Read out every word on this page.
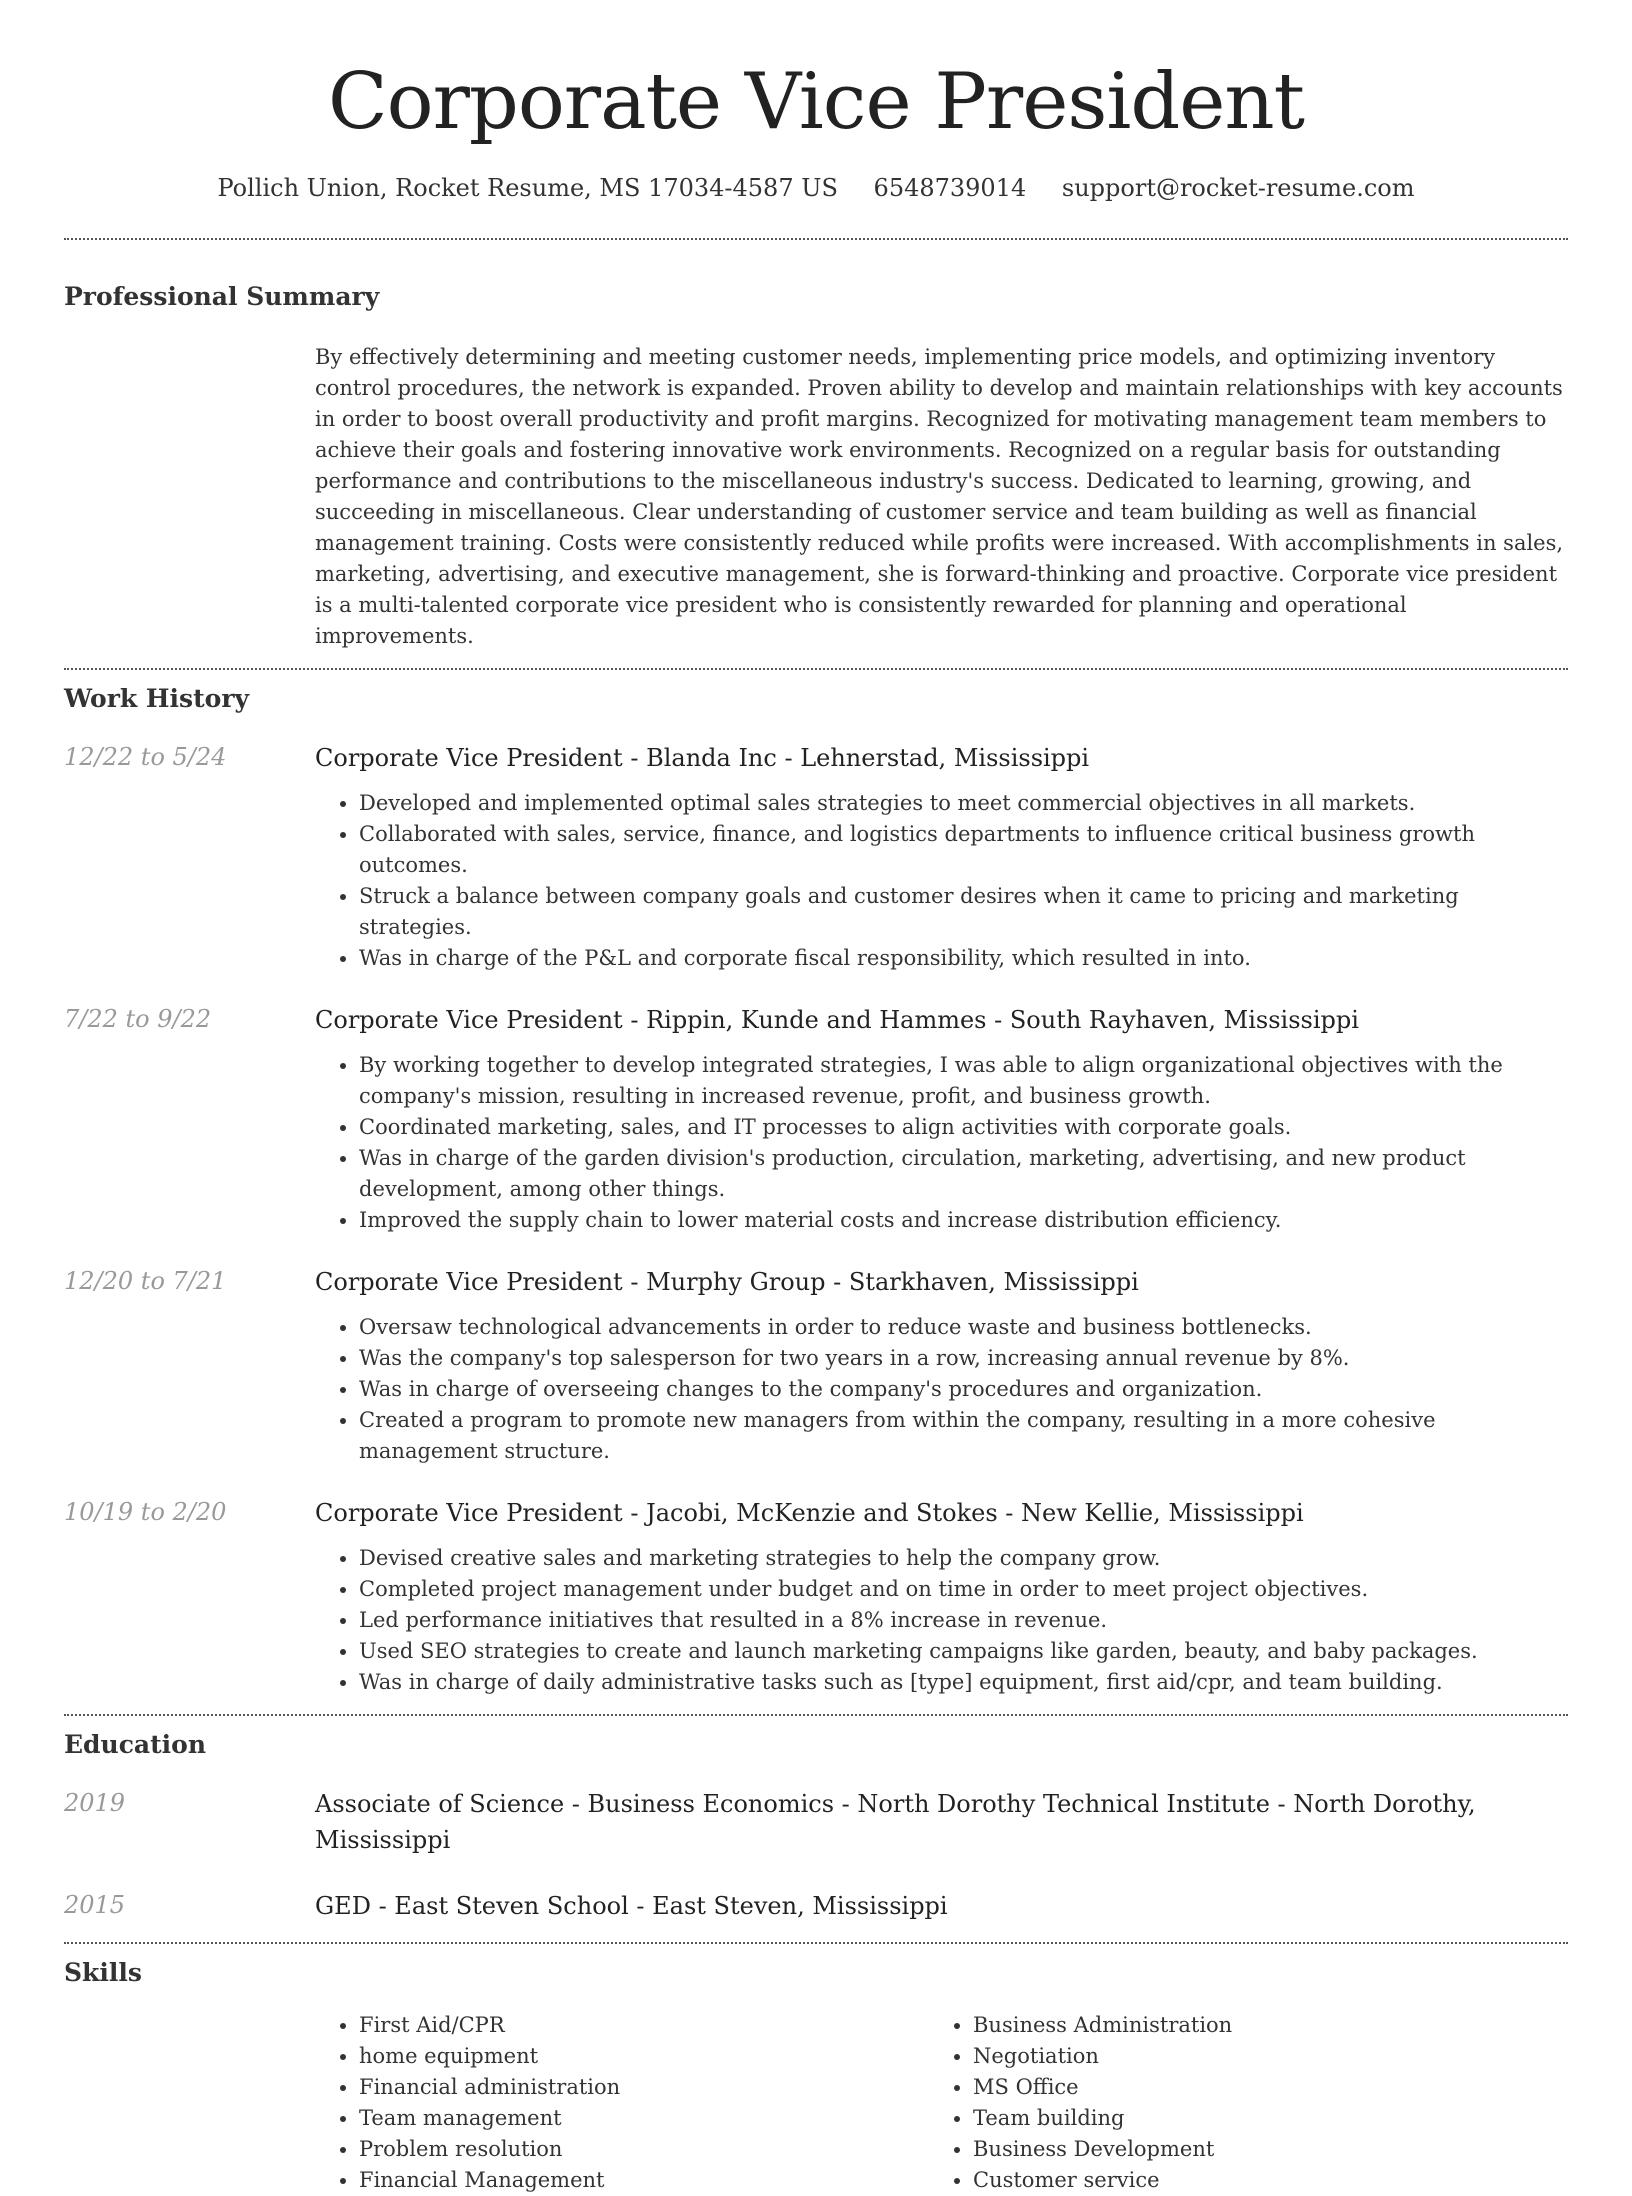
Corporate Vice President
Pollich Union, Rocket Resume, MS 17034-4587 US 6548739014 support@rocket-resume.com
Professional Summary

By effectively determining and meeting customer needs, implementing price models, and optimizing inventory control procedures, the network is expanded. Proven ability to develop and maintain relationships with key accounts in order to boost overall productivity and profit margins. Recognized for motivating management team members to achieve their goals and fostering innovative work environments. Recognized on a regular basis for outstanding performance and contributions to the miscellaneous industry's success. Dedicated to learning, growing, and succeeding in miscellaneous. Clear understanding of customer service and team building as well as financial management training. Costs were consistently reduced while profits were increased. With accomplishments in sales, marketing, advertising, and executive management, she is forward-thinking and proactive. Corporate vice president is a multi-talented corporate vice president who is consistently rewarded for planning and operational improvements.

Work History
12/22 to 5/24	Corporate Vice President - Blanda Inc - Lehnerstad, Mississippi
• Developed and implemented optimal sales strategies to meet commercial objectives in all markets.
• Collaborated with sales, service, finance, and logistics departments to influence critical business growth outcomes.
• Struck a balance between company goals and customer desires when it came to pricing and marketing strategies.
• Was in charge of the P&L and corporate fiscal responsibility, which resulted in into.
7/22 to 9/22	Corporate Vice President - Rippin, Kunde and Hammes - South Rayhaven, Mississippi
• By working together to develop integrated strategies, I was able to align organizational objectives with the company's mission, resulting in increased revenue, profit, and business growth.
• Coordinated marketing, sales, and IT processes to align activities with corporate goals.
• Was in charge of the garden division's production, circulation, marketing, advertising, and new product development, among other things.
• Improved the supply chain to lower material costs and increase distribution efficiency.
12/20 to 7/21	Corporate Vice President - Murphy Group - Starkhaven, Mississippi
• Oversaw technological advancements in order to reduce waste and business bottlenecks.
• Was the company's top salesperson for two years in a row, increasing annual revenue by 8%.
• Was in charge of overseeing changes to the company's procedures and organization.
• Created a program to promote new managers from within the company, resulting in a more cohesive management structure.
10/19 to 2/20	Corporate Vice President - Jacobi, McKenzie and Stokes - New Kellie, Mississippi
• Devised creative sales and marketing strategies to help the company grow.
• Completed project management under budget and on time in order to meet project objectives.
• Led performance initiatives that resulted in a 8% increase in revenue.
• Used SEO strategies to create and launch marketing campaigns like garden, beauty, and baby packages.
• Was in charge of daily administrative tasks such as [type] equipment, first aid/cpr, and team building.
Education
2019	Associate of Science - Business Economics - North Dorothy Technical Institute - North Dorothy, Mississippi
2015	GED - East Steven School - East Steven, Mississippi
Skills
• First Aid/CPR
• home equipment
• Financial administration
• Team management
• Problem resolution
• Financial Management
• Business Administration
• Negotiation
• MS Office
• Team building
• Business Development
• Customer service
